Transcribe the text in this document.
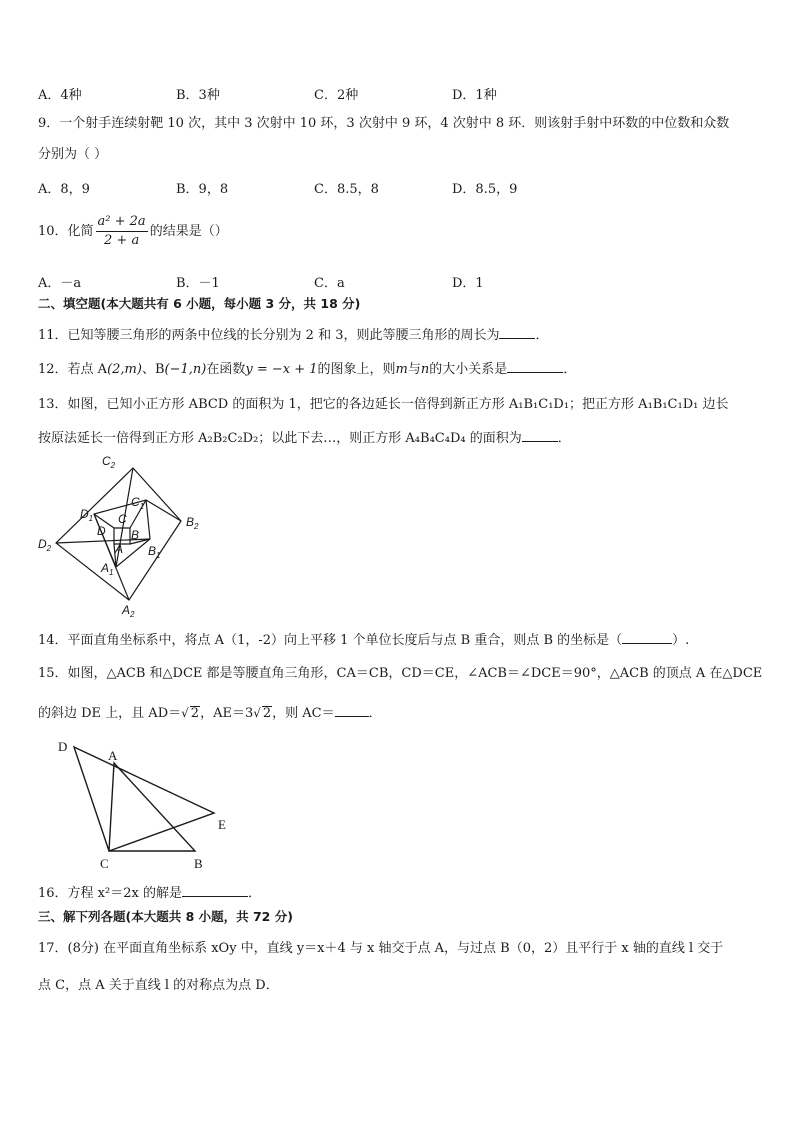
A．4种	B．3种	C．2种	D．1种
9．一个射手连续射靶 10 次，其中 3 次射中 10 环，3 次射中 9 环，4 次射中 8 环．则该射手射中环数的中位数和众数
分别为（ ）
A．8，9	B．9，8	C．8.5，8	D．8.5，9
10．化简 $\frac{\text{a² + 2a}}{2 + a}$ 的结果是（）
A．－a	B．－1	C．a	D．1
二、填空题(本大题共有 6 小题，每小题 3 分，共 18 分)
11．已知等腰三角形的两条中位线的长分别为 2 和 3，则此等腰三角形的周长为	．
12．若点 A(2,m)、B(−1,n)在函数y = −x + 1的图象上，则m与n的大小关系是	．
13．如图，已知小正方形 ABCD 的面积为 1，把它的各边延长一倍得到新正方形 A₁B₁C₁D₁；把正方形 A₁B₁C₁D₁ 边长
按原法延长一倍得到正方形 A₂B₂C₂D₂；以此下去…，则正方形 A₄B₄C₄D₄ 的面积为	．
$C_2$
$C_1$
$D_1$ C
D B
A $B_1$
$A_1$
$D_2$
$B_2$
$A_2$
14．平面直角坐标系中，将点 A（1，-2）向上平移 1 个单位长度后与点 B 重合，则点 B 的坐标是（	）.
15．如图，△ACB 和△DCE 都是等腰直角三角形，CA＝CB，CD＝CE，∠ACB＝∠DCE＝90°，△ACB 的顶点 A 在△DCE
的斜边 DE 上，且 AD＝√ 2，AE＝3√ 2，则 AC＝	．
D
A
E
C	B
16．方程 x²＝2x 的解是	．
三、解下列各题(本大题共 8 小题，共 72 分)
17．(8分) 在平面直角坐标系 xOy 中，直线 y＝x＋4 与 x 轴交于点 A，与过点 B（0，2）且平行于 x 轴的直线 l 交于
点 C，点 A 关于直线 l 的对称点为点 D．
